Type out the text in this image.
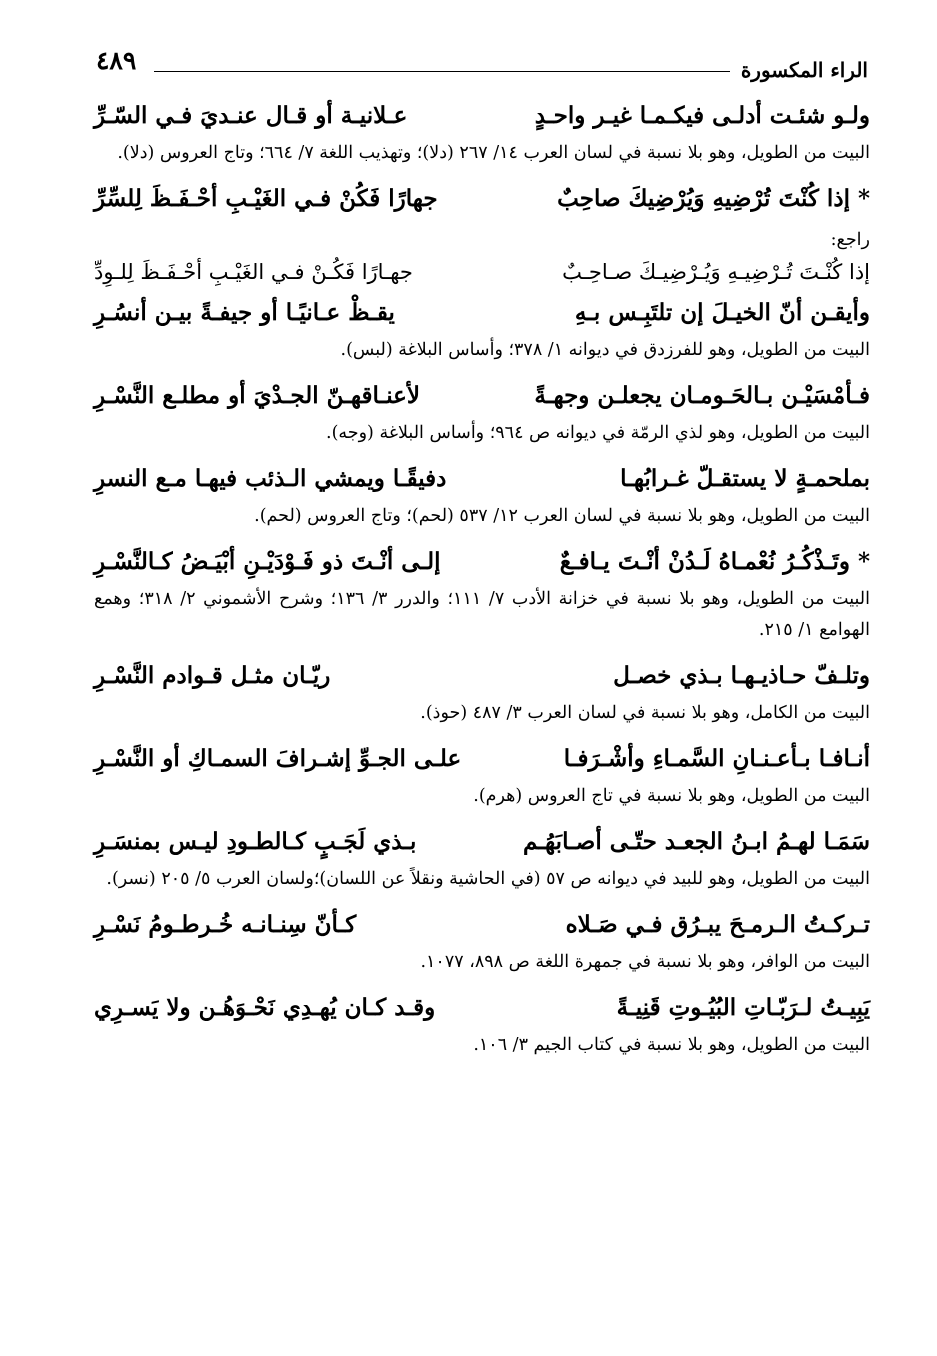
الراء المكسورة
٤٨٩
ولـو شئـت أدلـى فيكـمـا غيـر واحـدٍ
عـلانيـة أو قـال عنـديَ فـي السّـرِّ
البيت من الطويل، وهو بلا نسبة في لسان العرب ١٤/ ٢٦٧ (دلا)؛ وتهذيب اللغة ٧/ ٦٦٤؛ وتاج العروس (دلا).
* إذا كُنْتَ تُرْضِيهِ وَيُرْضِيكَ صاحِبٌ
جهارًا فَكُنْ فـي الغَيْـبِ أحْـفَـظَ لِلسِّرِّ
راجع:
إذا كُنْـتَ تُـرْضِيـهِ وَيُـرْضِيـكَ صـاحِـبٌ
جهـارًا فَكُـنْ فـي الغَيْـبِ أحْـفَـظَ لِلـوِدِّ
وأيقـن أنّ الخيـلَ إن تلتَبِـس بـهِ
يقـظْ عـانيًـا أو جيفـةً بيـن أنسُـرِ
البيت من الطويل، وهو للفرزدق في ديوانه ١/ ٣٧٨؛ وأساس البلاغة (لبس).
فـأمْسَيْـن بـالحَـومـان يجعلـن وجهـةً
لأعنـاقهـنّ الجـدْيَ أو مطلـع النَّسْـرِ
البيت من الطويل، وهو لذي الرمّة في ديوانه ص ٩٦٤؛ وأساس البلاغة (وجه).
بملحمـةٍ لا يستقـلّ غـرابُهـا
دفيقًـا ويمشي الـذئب فيهـا مـع النسرِ
البيت من الطويل، وهو بلا نسبة في لسان العرب ١٢/ ٥٣٧ (لحم)؛ وتاج العروس (لحم).
* وتَـذْكُـرُ نُعْمـاهُ لَـدُنْ أنْـتَ يـافـعٌ
إلـى أنْـتَ ذو فَـوْدَيْـنِ أبْيَـضُ كـالنَّسْـرِ
البيت من الطويل، وهو بلا نسبة في خزانة الأدب ٧/ ١١١؛ والدرر ٣/ ١٣٦؛ وشرح الأشموني ٢/ ٣١٨؛ وهمع الهوامع ١/ ٢١٥.
وتلـفّ حـاذيـهـا بـذي خصـل
ريّـان مثـل قـوادم النَّسْـرِ
البيت من الكامل، وهو بلا نسبة في لسان العرب ٣/ ٤٨٧ (حوذ).
أنـافـا بـأعـنـانِ السَّمـاءِ وأشْـرَفـا
علـى الجـوِّ إشـرافَ السمـاكِ أو النَّسْـرِ
البيت من الطويل، وهو بلا نسبة في تاج العروس (هرم).
سَمَـا لهـمُ ابـنُ الجعـد حتّـى أصـابَهُـم
بـذي لَجَـبٍ كـالطـودِ ليـس بمنسَـرِ
البيت من الطويل، وهو للبيد في ديوانه ص ٥٧ (في الحاشية ونقلاً عن اللسان)؛ولسان العرب ٥/ ٢٠٥ (نسر).
تـركـتُ الـرمـحَ يبـرُق فـي صَـلاه
كـأنّ سِنـانـه خُـرطـومُ نَسْـرِ
البيت من الوافر، وهو بلا نسبة في جمهرة اللغة ص ٨٩٨، ١٠٧٧.
يَبِيـتُ لـرَبّـاتِ البُيُـوتِ قَنِيـةً
وقـد كـان يُهـدِي نَحْـوَهُـن ولا يَسـرِي
البيت من الطويل، وهو بلا نسبة في كتاب الجيم ٣/ ١٠٦.
